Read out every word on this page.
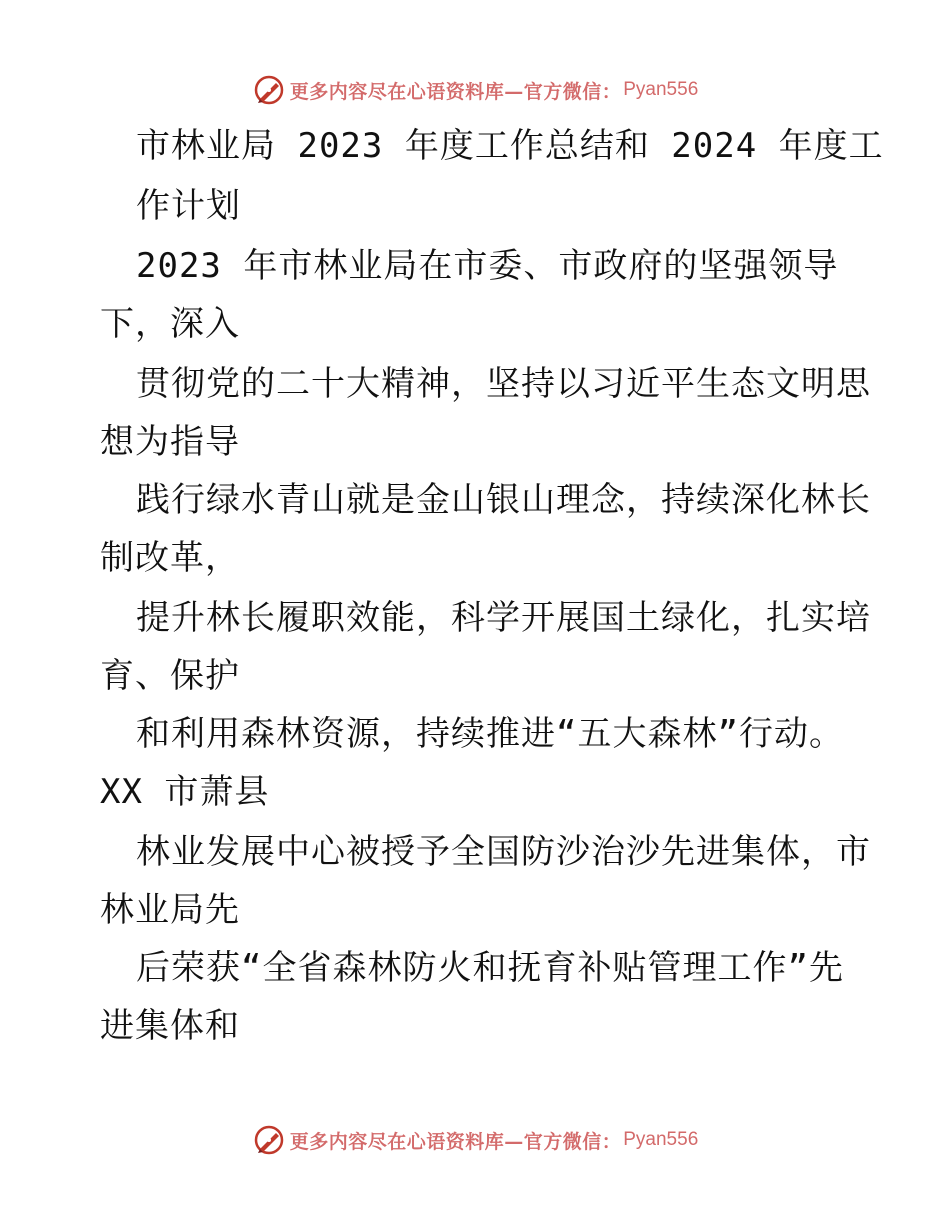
更多内容尽在心语资料库—官方微信： Pyan556
市林业局 2023 年度工作总结和 2024 年度工
作计划
2023 年市林业局在市委、市政府的坚强领导
下，深入
贯彻党的二十大精神，坚持以习近平生态文明思
想为指导
践行绿水青山就是金山银山理念，持续深化林长
制改革，
提升林长履职效能，科学开展国土绿化，扎实培
育、保护
和利用森林资源，持续推进“五大森林”行动。
XX 市萧县
林业发展中心被授予全国防沙治沙先进集体，市
林业局先
后荣获“全省森林防火和抚育补贴管理工作”先
进集体和
更多内容尽在心语资料库—官方微信： Pyan556
